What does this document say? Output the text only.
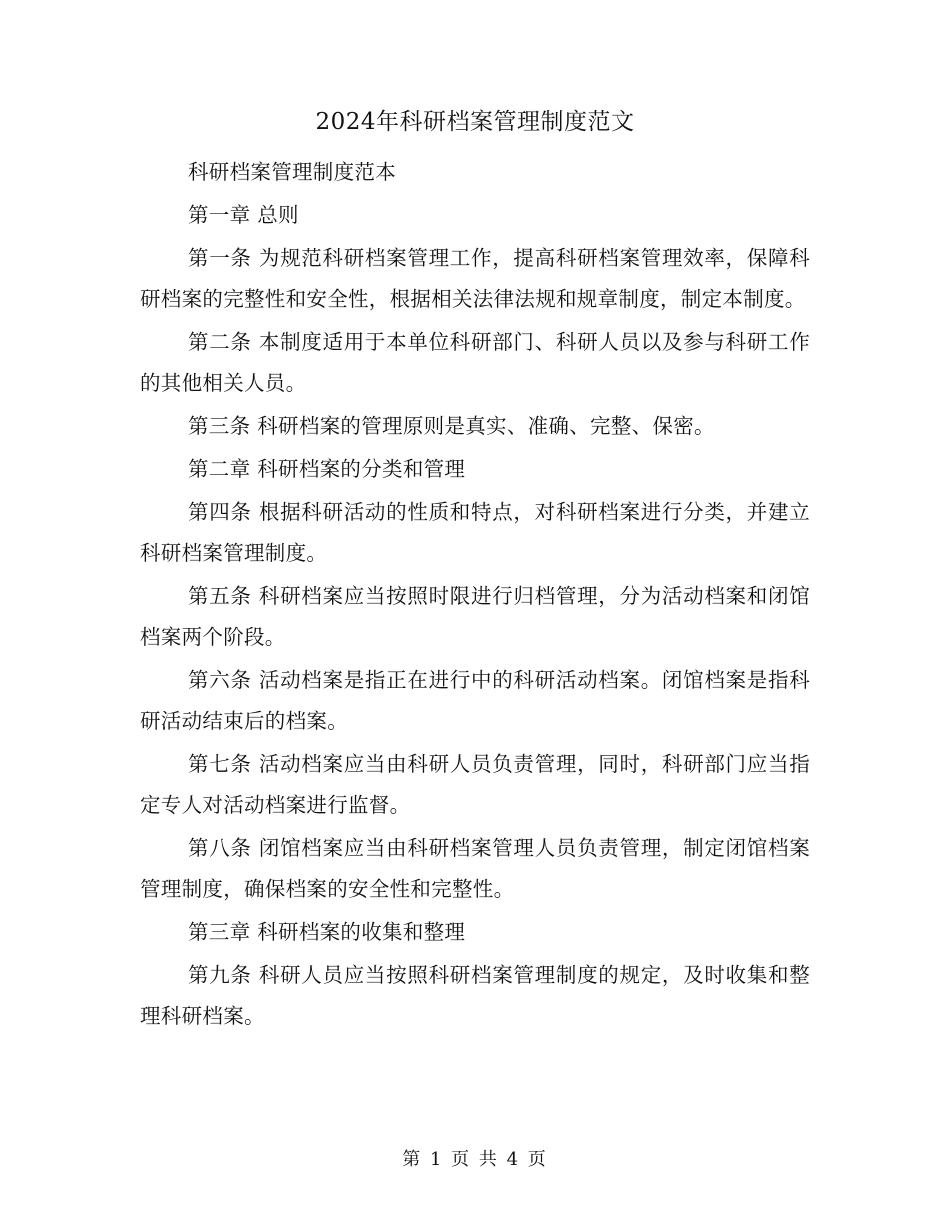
2024年科研档案管理制度范文

科研档案管理制度范本

第一章 总则

第一条 为规范科研档案管理工作，提高科研档案管理效率，保障科研档案的完整性和安全性，根据相关法律法规和规章制度，制定本制度。

第二条 本制度适用于本单位科研部门、科研人员以及参与科研工作的其他相关人员。

第三条 科研档案的管理原则是真实、准确、完整、保密。

第二章 科研档案的分类和管理

第四条 根据科研活动的性质和特点，对科研档案进行分类，并建立科研档案管理制度。

第五条 科研档案应当按照时限进行归档管理，分为活动档案和闭馆档案两个阶段。

第六条 活动档案是指正在进行中的科研活动档案。闭馆档案是指科研活动结束后的档案。

第七条 活动档案应当由科研人员负责管理，同时，科研部门应当指定专人对活动档案进行监督。

第八条 闭馆档案应当由科研档案管理人员负责管理，制定闭馆档案管理制度，确保档案的安全性和完整性。

第三章 科研档案的收集和整理

第九条 科研人员应当按照科研档案管理制度的规定，及时收集和整理科研档案。

第 1 页 共 4 页
